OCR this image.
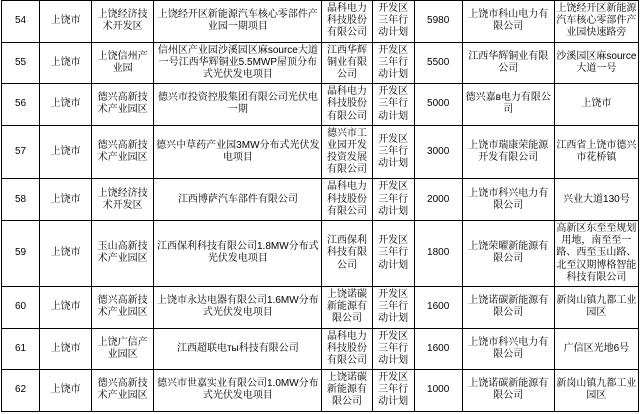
54	上饶市	上饶经济技术开发区	上饶经开区新能源汽车核心零部件产业园一期项目	晶科电力科技股份有限公司	开发区三年行动计划	5980	上饶市科山电力有限公司	上饶经开区新能源汽车核心零部件产业园快速路旁
55	上饶市	上饶信州产业园	信州区产业园沙溪园区麻source大道一号江西华辉铜业5.5MWP屋顶分布式光伏发电项目	江西华辉铜业有限公司	开发区三年行动计划	5500	江西华辉铜业有限公司	沙溪园区麻source大道一号
56	上饶市	德兴高新技术产业园区	德兴市投资控股集团有限公司光伏电一期	晶科电力科技股份有限公司	开发区三年行动计划	5000	德兴嘉в电力有限公司	上饶市
57	上饶市	德兴高新技术产业园区	德兴中草药产业园3MW分布式光伏发电项目	德兴市工业园开发投资发展有限公司	开发区三年行动计划	3000	上饶市瑞康荣能源开发有限公司	江西省上饶市德兴市花桥镇
58	上饶市	上饶经济技术开发区	江西博萨汽车部件有限公司	晶科电力科技股份有限公司	开发区三年行动计划	2000	上饶市科兴电力有限公司	兴业大道130号
59	上饶市	玉山高新技术产业园区	江西保利科技有限公司1.8MW分布式光伏发电项目	江西保利科技有限公司	开发区三年行动计划	1800	上饶荣曜新能源有限公司	高新区东至至规划用地，南至至一路、西至玉山路、北至汉期博格智能科技有限公司
60	上饶市	德兴高新技术产业园区	上饶市永达电器有限公司1.6MW分布式光伏发电项目	上饶诺碳新能源有限公司	开发区三年行动计划	1600	上饶诺碳新能源有限公司	新岗山镇九都工业园区
61	上饶市	上饶广信产业园区	江西超联电ты科技有限公司	晶科电力科技股份有限公司	开发区三年行动计划	1600	上饶市科兴电力有限公司	广信区光地6号
62	上饶市	德兴高新技术产业园区	德兴市世嘉实业有限公司1.0MW分布式光伏发电项目	上饶诺碳新能源有限公司	开发区三年行动计划	1000	上饶诺碳新能源有限公司	新岗山镇九都工业园区
